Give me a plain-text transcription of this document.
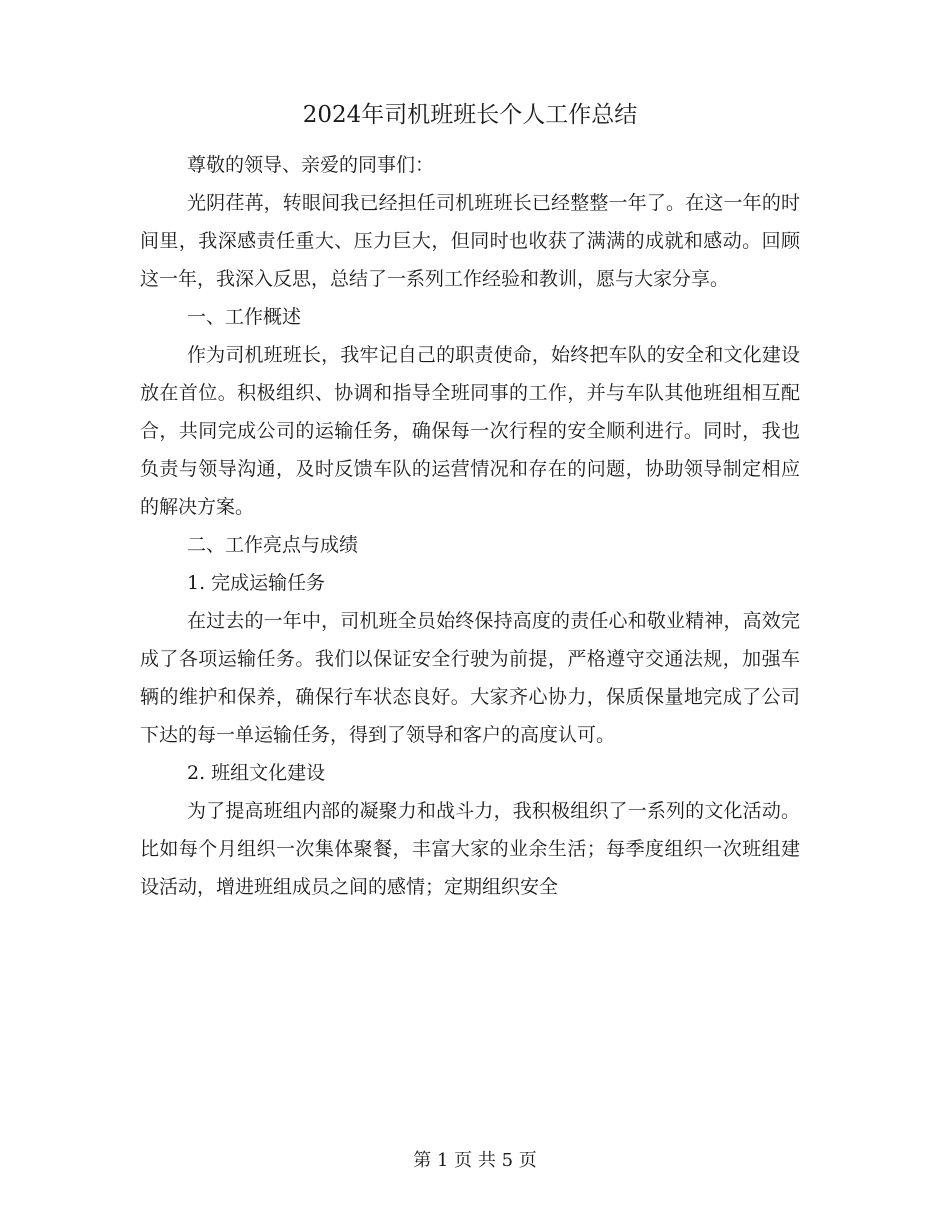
2024年司机班班长个人工作总结

尊敬的领导、亲爱的同事们：

光阴荏苒，转眼间我已经担任司机班班长已经整整一年了。在这一年的时间里，我深感责任重大、压力巨大，但同时也收获了满满的成就和感动。回顾这一年，我深入反思，总结了一系列工作经验和教训，愿与大家分享。

一、工作概述

作为司机班班长，我牢记自己的职责使命，始终把车队的安全和文化建设放在首位。积极组织、协调和指导全班同事的工作，并与车队其他班组相互配合，共同完成公司的运输任务，确保每一次行程的安全顺利进行。同时，我也负责与领导沟通，及时反馈车队的运营情况和存在的问题，协助领导制定相应的解决方案。

二、工作亮点与成绩

1. 完成运输任务

在过去的一年中，司机班全员始终保持高度的责任心和敬业精神，高效完成了各项运输任务。我们以保证安全行驶为前提，严格遵守交通法规，加强车辆的维护和保养，确保行车状态良好。大家齐心协力，保质保量地完成了公司下达的每一单运输任务，得到了领导和客户的高度认可。

2. 班组文化建设

为了提高班组内部的凝聚力和战斗力，我积极组织了一系列的文化活动。比如每个月组织一次集体聚餐，丰富大家的业余生活；每季度组织一次班组建设活动，增进班组成员之间的感情；定期组织安全

第 1 页 共 5 页
